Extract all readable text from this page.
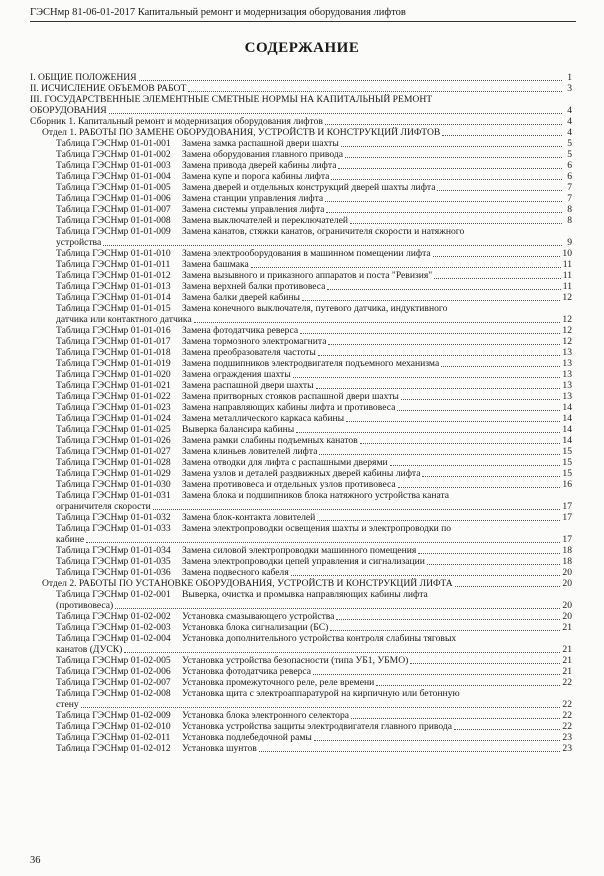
ГЭСНмр 81-06-01-2017 Капитальный ремонт и модернизация оборудования лифтов
СОДЕРЖАНИЕ
I. ОБЩИЕ ПОЛОЖЕНИЯ	1
II. ИСЧИСЛЕНИЕ ОБЪЕМОВ РАБОТ	3
III. ГОСУДАРСТВЕННЫЕ ЭЛЕМЕНТНЫЕ СМЕТНЫЕ НОРМЫ НА КАПИТАЛЬНЫЙ РЕМОНТ
ОБОРУДОВАНИЯ	4
Сборник 1. Капитальный ремонт и модернизация оборудования лифтов	4
Отдел 1. РАБОТЫ ПО ЗАМЕНЕ ОБОРУДОВАНИЯ, УСТРОЙСТВ И КОНСТРУКЦИЙ ЛИФТОВ	4
Таблица ГЭСНмр 01-01-001	Замена замка распашной двери шахты	5
Таблица ГЭСНмр 01-01-002	Замена оборудования главного привода	5
Таблица ГЭСНмр 01-01-003	Замена привода дверей кабины лифта	6
Таблица ГЭСНмр 01-01-004	Замена купе и порога кабины лифта	6
Таблица ГЭСНмр 01-01-005	Замена дверей и отдельных конструкций дверей шахты лифта	7
Таблица ГЭСНмр 01-01-006	Замена станции управления лифта	7
Таблица ГЭСНмр 01-01-007	Замена системы управления лифта	8
Таблица ГЭСНмр 01-01-008	Замена выключателей и переключателей	8
Таблица ГЭСНмр 01-01-009	Замена канатов, стяжки канатов, ограничителя скорости и натяжного
устройства	9
Таблица ГЭСНмр 01-01-010	Замена электрооборудования в машинном помещении лифта	10
Таблица ГЭСНмр 01-01-011	Замена башмака	11
Таблица ГЭСНмр 01-01-012	Замена вызывного и приказного аппаратов и поста "Ревизия"	11
Таблица ГЭСНмр 01-01-013	Замена верхней балки противовеса	11
Таблица ГЭСНмр 01-01-014	Замена балки дверей кабины	12
Таблица ГЭСНмр 01-01-015	Замена конечного выключателя, путевого датчика, индуктивного
датчика или контактного датчика	12
Таблица ГЭСНмр 01-01-016	Замена фотодатчика реверса	12
Таблица ГЭСНмр 01-01-017	Замена тормозного электромагнита	12
Таблица ГЭСНмр 01-01-018	Замена преобразователя частоты	13
Таблица ГЭСНмр 01-01-019	Замена подшипников электродвигателя подъемного механизма	13
Таблица ГЭСНмр 01-01-020	Замена ограждения шахты	13
Таблица ГЭСНмр 01-01-021	Замена распашной двери шахты	13
Таблица ГЭСНмр 01-01-022	Замена притворных стояков распашной двери шахты	13
Таблица ГЭСНмр 01-01-023	Замена направляющих кабины лифта и противовеса	14
Таблица ГЭСНмр 01-01-024	Замена металлического каркаса кабины	14
Таблица ГЭСНмр 01-01-025	Выверка балансира кабины	14
Таблица ГЭСНмр 01-01-026	Замена рамки слабины подъемных канатов	14
Таблица ГЭСНмр 01-01-027	Замена клиньев ловителей лифта	15
Таблица ГЭСНмр 01-01-028	Замена отводки для лифта с распашными дверями	15
Таблица ГЭСНмр 01-01-029	Замена узлов и деталей раздвижных дверей кабины лифта	15
Таблица ГЭСНмр 01-01-030	Замена противовеса и отдельных узлов противовеса	16
Таблица ГЭСНмр 01-01-031	Замена блока и подшипников блока натяжного устройства каната
ограничителя скорости	17
Таблица ГЭСНмр 01-01-032	Замена блок-контакта ловителей	17
Таблица ГЭСНмр 01-01-033	Замена электропроводки освещения шахты и электропроводки по
кабине	17
Таблица ГЭСНмр 01-01-034	Замена силовой электропроводки машинного помещения	18
Таблица ГЭСНмр 01-01-035	Замена электропроводки цепей управления и сигнализации	18
Таблица ГЭСНмр 01-01-036	Замена подвесного кабеля	20
Отдел 2. РАБОТЫ ПО УСТАНОВКЕ ОБОРУДОВАНИЯ, УСТРОЙСТВ И КОНСТРУКЦИЙ ЛИФТА	20
Таблица ГЭСНмр 01-02-001	Выверка, очистка и промывка направляющих кабины лифта
(противовеса)	20
Таблица ГЭСНмр 01-02-002	Установка смазывающего устройства	20
Таблица ГЭСНмр 01-02-003	Установка блока сигнализации (БС)	21
Таблица ГЭСНмр 01-02-004	Установка дополнительного устройства контроля слабины тяговых
канатов (ДУСК)	21
Таблица ГЭСНмр 01-02-005	Установка устройства безопасности (типа УБ1, УБМО)	21
Таблица ГЭСНмр 01-02-006	Установка фотодатчика реверса	21
Таблица ГЭСНмр 01-02-007	Установка промежуточного реле, реле времени	22
Таблица ГЭСНмр 01-02-008	Установка щита с электроаппаратурой на кирпичную или бетонную
стену	22
Таблица ГЭСНмр 01-02-009	Установка блока электронного селектора	22
Таблица ГЭСНмр 01-02-010	Установка устройства защиты электродвигателя главного привода	22
Таблица ГЭСНмр 01-02-011	Установка подлебедочной рамы	23
Таблица ГЭСНмр 01-02-012	Установка шунтов	23
36
